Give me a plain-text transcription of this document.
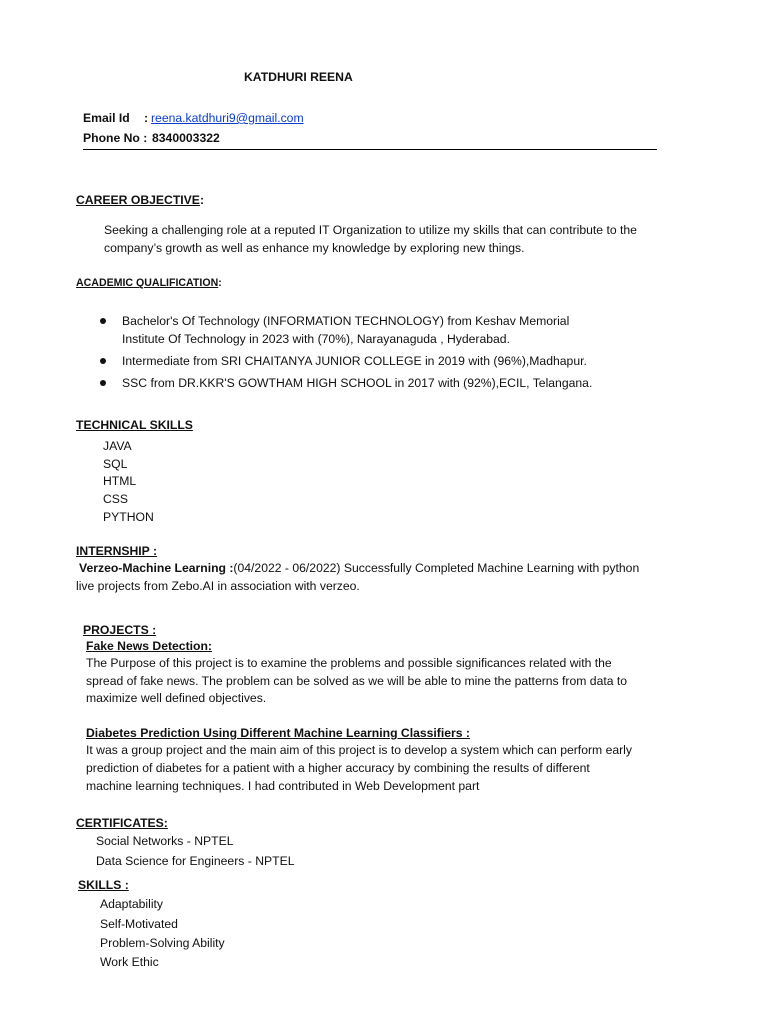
KATDHURI REENA
Email Id : reena.katdhuri9@gmail.com
Phone No : 8340003322
CAREER OBJECTIVE:
Seeking a challenging role at a reputed IT Organization to utilize my skills that can contribute to the
company’s growth as well as enhance my knowledge by exploring new things.
ACADEMIC QUALIFICATION:
Bachelor's Of Technology (INFORMATION TECHNOLOGY) from Keshav Memorial
Institute Of Technology in 2023 with (70%), Narayanaguda , Hyderabad.
Intermediate from SRI CHAITANYA JUNIOR COLLEGE in 2019 with (96%),Madhapur.
SSC from DR.KKR'S GOWTHAM HIGH SCHOOL in 2017 with (92%),ECIL, Telangana.
TECHNICAL SKILLS
JAVA
SQL
HTML
CSS
PYTHON
INTERNSHIP :
Verzeo-Machine Learning :(04/2022 - 06/2022) Successfully Completed Machine Learning with python
live projects from Zebo.AI in association with verzeo.
PROJECTS :
Fake News Detection:
The Purpose of this project is to examine the problems and possible significances related with the
spread of fake news. The problem can be solved as we will be able to mine the patterns from data to
maximize well defined objectives.
Diabetes Prediction Using Different Machine Learning Classifiers :
It was a group project and the main aim of this project is to develop a system which can perform early
prediction of diabetes for a patient with a higher accuracy by combining the results of different
machine learning techniques. I had contributed in Web Development part
CERTIFICATES:
Social Networks - NPTEL
Data Science for Engineers - NPTEL
SKILLS :
Adaptability
Self-Motivated
Problem-Solving Ability
Work Ethic
